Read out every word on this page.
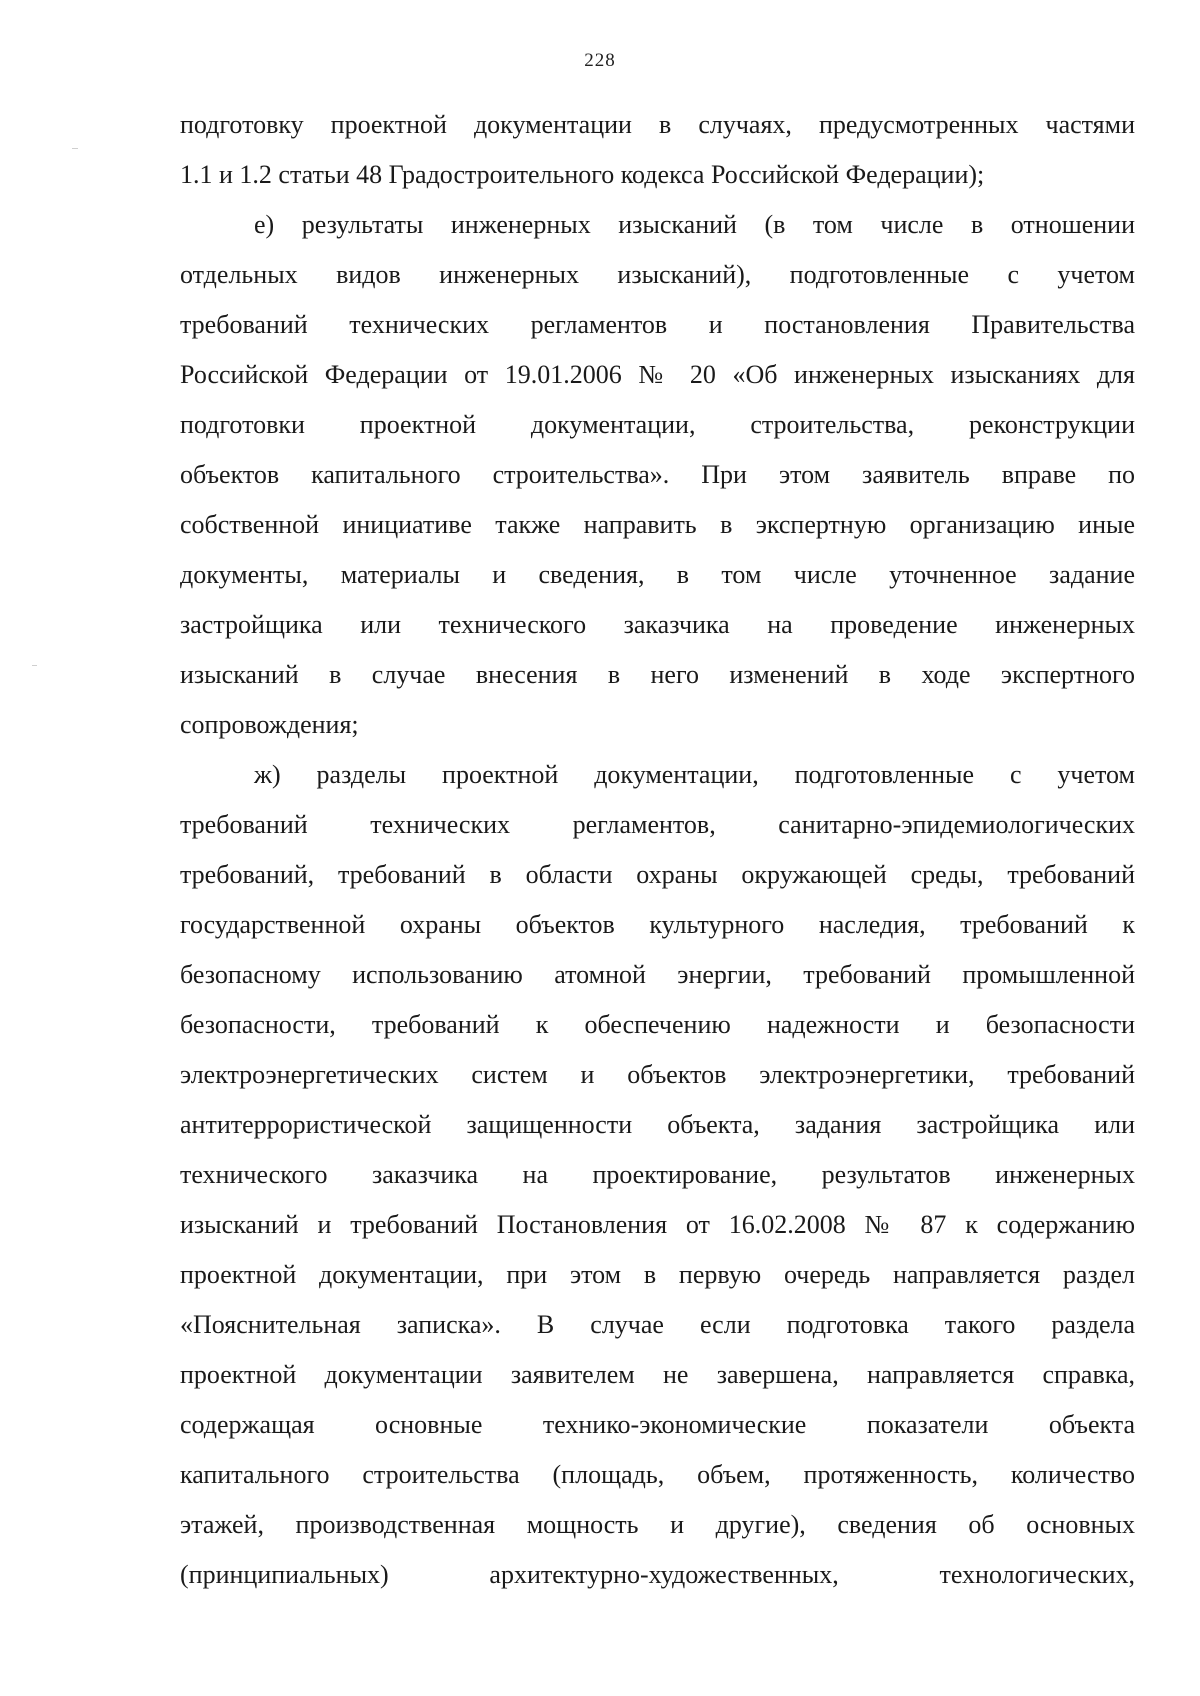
228
подготовку проектной документации в случаях, предусмотренных частями
1.1 и 1.2 статьи 48 Градостроительного кодекса Российской Федерации);
е) результаты инженерных изысканий (в том числе в отношении
отдельных видов инженерных изысканий), подготовленные с учетом
требований технических регламентов и постановления Правительства
Российской Федерации от 19.01.2006 № 20 «Об инженерных изысканиях для
подготовки проектной документации, строительства, реконструкции
объектов капитального строительства». При этом заявитель вправе по
собственной инициативе также направить в экспертную организацию иные
документы, материалы и сведения, в том числе уточненное задание
застройщика или технического заказчика на проведение инженерных
изысканий в случае внесения в него изменений в ходе экспертного
сопровождения;
ж) разделы проектной документации, подготовленные с учетом
требований технических регламентов, санитарно-эпидемиологических
требований, требований в области охраны окружающей среды, требований
государственной охраны объектов культурного наследия, требований к
безопасному использованию атомной энергии, требований промышленной
безопасности, требований к обеспечению надежности и безопасности
электроэнергетических систем и объектов электроэнергетики, требований
антитеррористической защищенности объекта, задания застройщика или
технического заказчика на проектирование, результатов инженерных
изысканий и требований Постановления от 16.02.2008 № 87 к содержанию
проектной документации, при этом в первую очередь направляется раздел
«Пояснительная записка». В случае если подготовка такого раздела
проектной документации заявителем не завершена, направляется справка,
содержащая основные технико-экономические показатели объекта
капитального строительства (площадь, объем, протяженность, количество
этажей, производственная мощность и другие), сведения об основных
(принципиальных) архитектурно-художественных, технологических,
